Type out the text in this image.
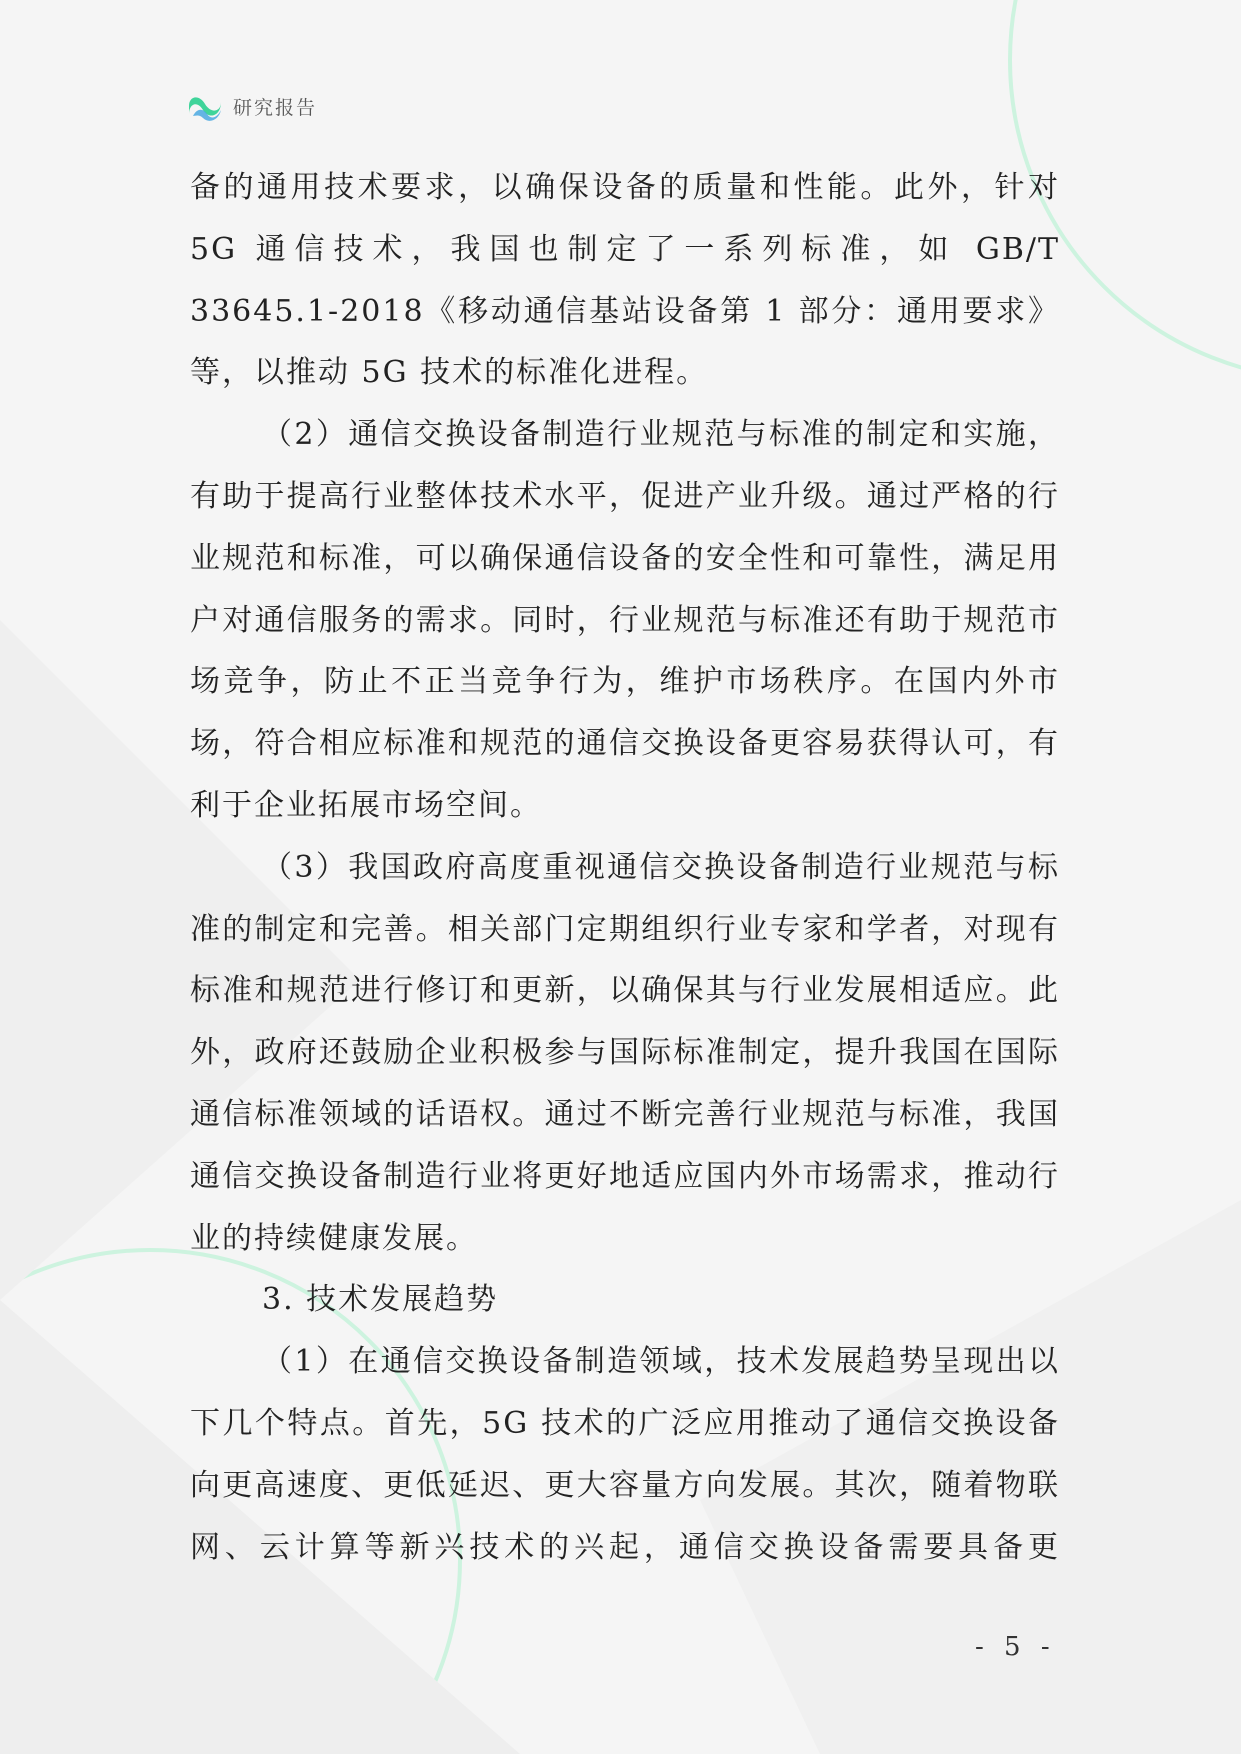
研究报告

备的通用技术要求，以确保设备的质量和性能。此外，针对5G 通信技术，我国也制定了一系列标准，如 GB/T 33645.1-2018《移动通信基站设备第 1 部分：通用要求》等，以推动 5G 技术的标准化进程。

（2）通信交换设备制造行业规范与标准的制定和实施，有助于提高行业整体技术水平，促进产业升级。通过严格的行业规范和标准，可以确保通信设备的安全性和可靠性，满足用户对通信服务的需求。同时，行业规范与标准还有助于规范市场竞争，防止不正当竞争行为，维护市场秩序。在国内外市场，符合相应标准和规范的通信交换设备更容易获得认可，有利于企业拓展市场空间。

（3）我国政府高度重视通信交换设备制造行业规范与标准的制定和完善。相关部门定期组织行业专家和学者，对现有标准和规范进行修订和更新，以确保其与行业发展相适应。此外，政府还鼓励企业积极参与国际标准制定，提升我国在国际通信标准领域的话语权。通过不断完善行业规范与标准，我国通信交换设备制造行业将更好地适应国内外市场需求，推动行业的持续健康发展。

3. 技术发展趋势

（1）在通信交换设备制造领域，技术发展趋势呈现出以下几个特点。首先，5G 技术的广泛应用推动了通信交换设备向更高速度、更低延迟、更大容量方向发展。其次，随着物联网、云计算等新兴技术的兴起，通信交换设备需要具备更

- 5 -
